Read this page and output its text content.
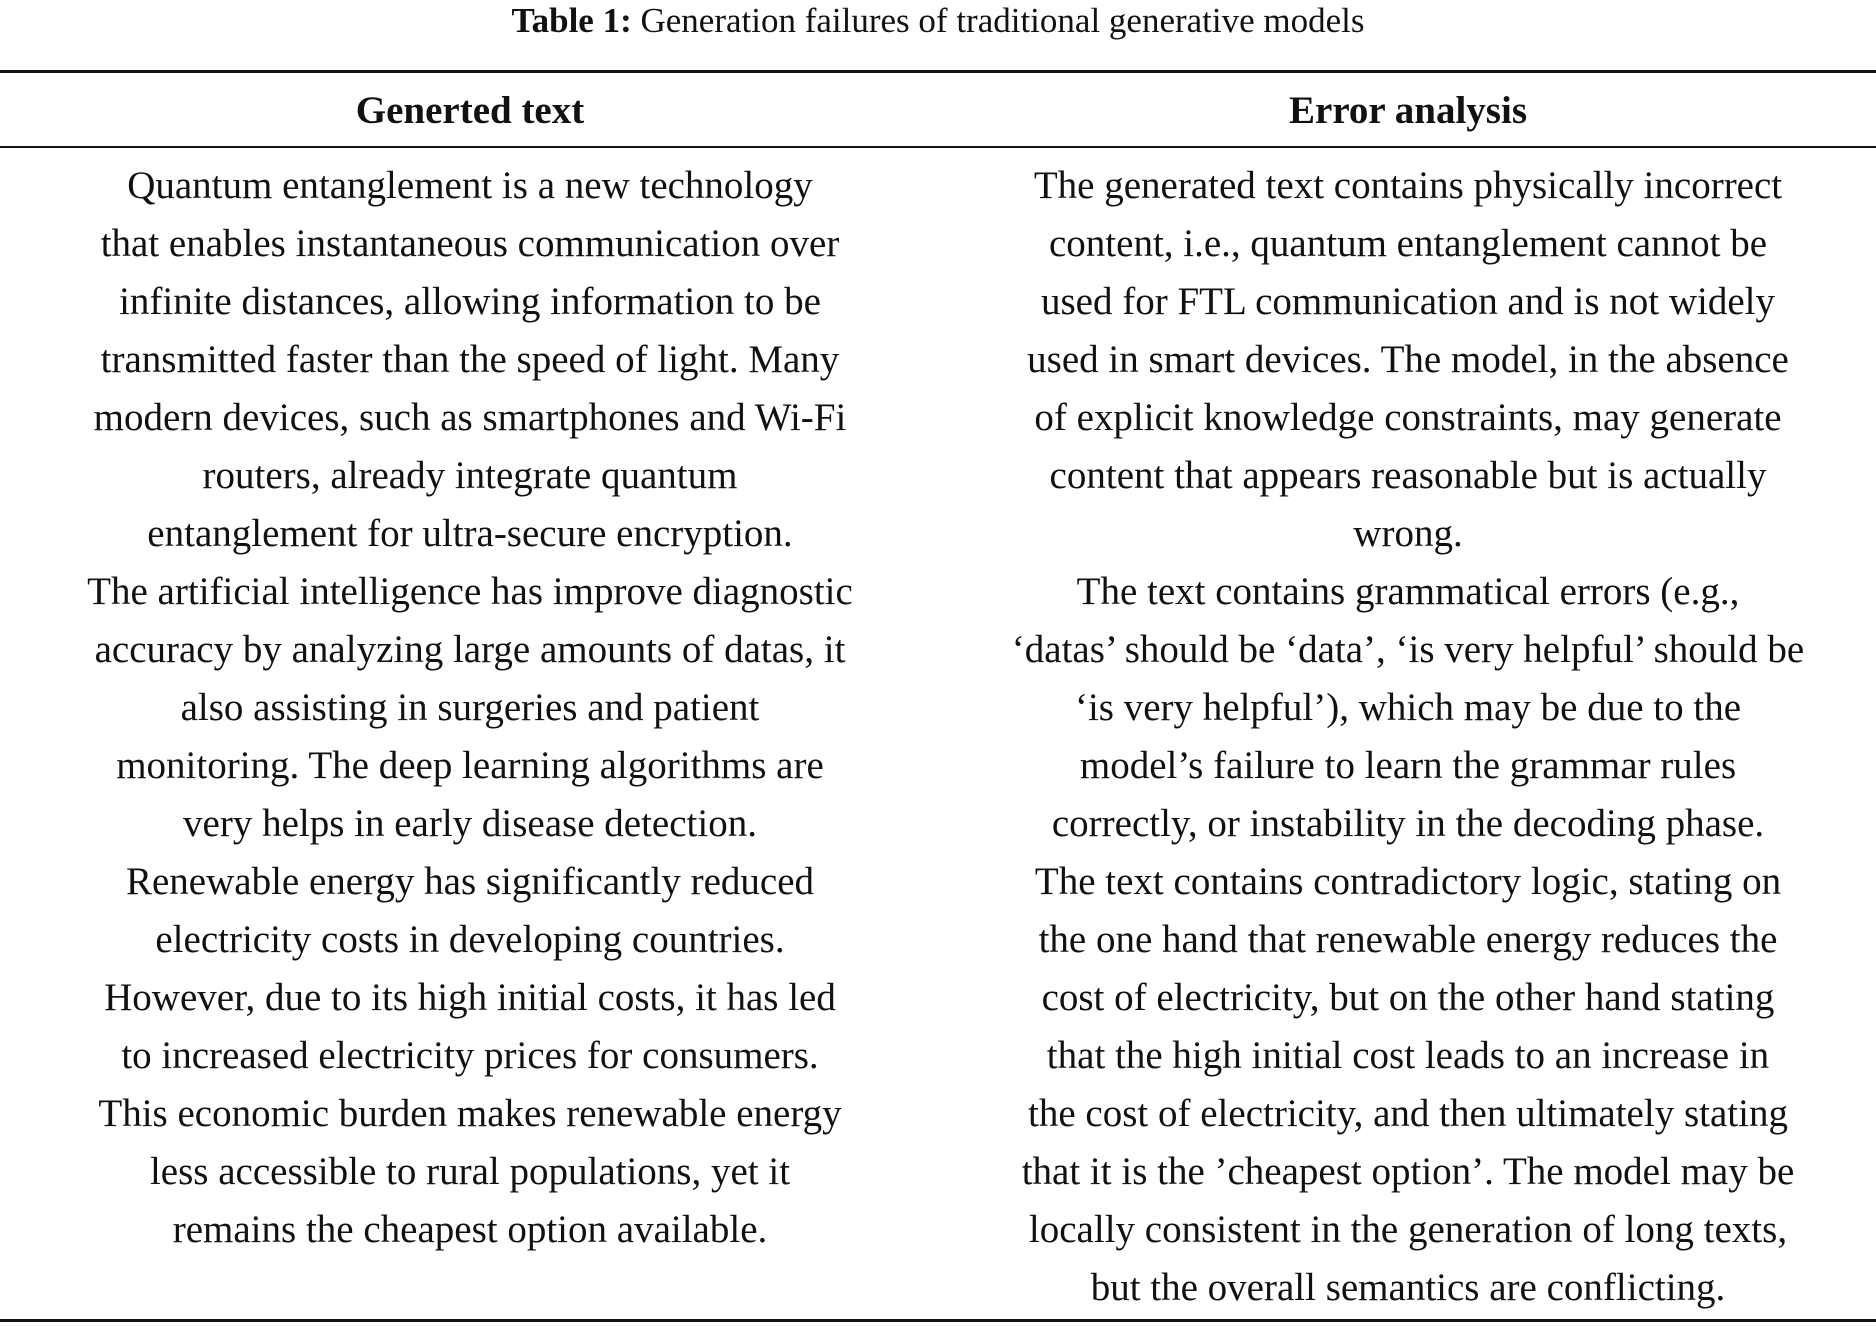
Table 1: Generation failures of traditional generative models
Generted text	Error analysis
Quantum entanglement is a new technology
that enables instantaneous communication over
infinite distances, allowing information to be
transmitted faster than the speed of light. Many
modern devices, such as smartphones and Wi-Fi
routers, already integrate quantum
entanglement for ultra-secure encryption.
The generated text contains physically incorrect
content, i.e., quantum entanglement cannot be
used for FTL communication and is not widely
used in smart devices. The model, in the absence
of explicit knowledge constraints, may generate
content that appears reasonable but is actually
wrong.
The artificial intelligence has improve diagnostic
accuracy by analyzing large amounts of datas, it
also assisting in surgeries and patient
monitoring. The deep learning algorithms are
very helps in early disease detection.
The text contains grammatical errors (e.g.,
‘datas’ should be ‘data’, ‘is very helpful’ should be
‘is very helpful’), which may be due to the
model’s failure to learn the grammar rules
correctly, or instability in the decoding phase.
Renewable energy has significantly reduced
electricity costs in developing countries.
However, due to its high initial costs, it has led
to increased electricity prices for consumers.
This economic burden makes renewable energy
less accessible to rural populations, yet it
remains the cheapest option available.
The text contains contradictory logic, stating on
the one hand that renewable energy reduces the
cost of electricity, but on the other hand stating
that the high initial cost leads to an increase in
the cost of electricity, and then ultimately stating
that it is the ’cheapest option’. The model may be
locally consistent in the generation of long texts,
but the overall semantics are conflicting.
